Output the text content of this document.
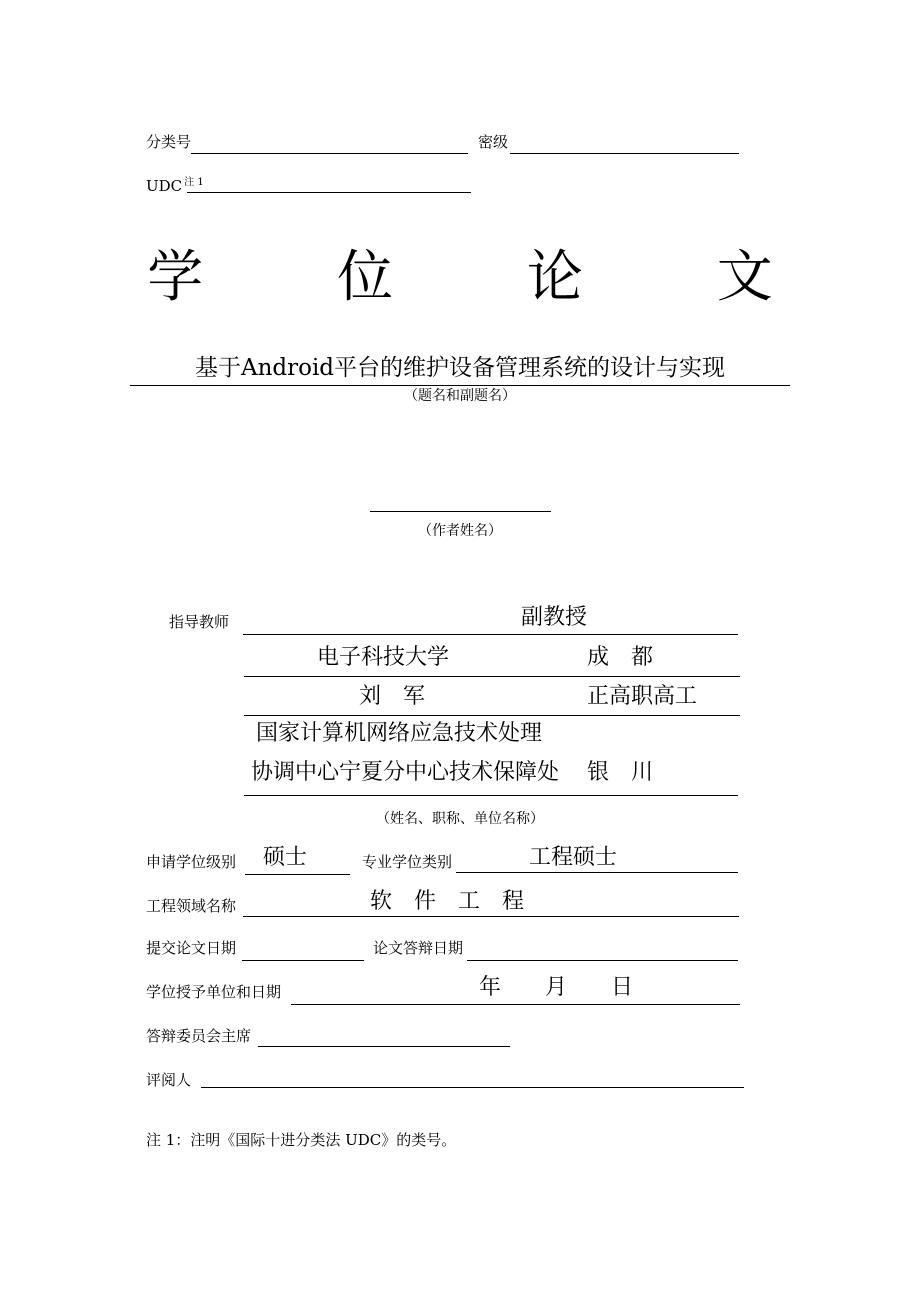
分类号	密级
UDC $^{注 1}$
学 位 论 文
基于Android平台的维护设备管理系统的设计与实现
（题名和副题名）
（作者姓名）
指导教师	副教授
电子科技大学	成　都
刘　军	正高职高工
国家计算机网络应急技术处理
协调中心宁夏分中心技术保障处 银　川
（姓名、职称、单位名称）
申请学位级别 硕士	专业学位类别	工程硕士
工程领域名称	软　件　工　程
提交论文日期	论文答辩日期
学位授予单位和日期	年　　月　　日
答辩委员会主席
评阅人
注 1：注明《国际十进分类法 UDC》的类号。
